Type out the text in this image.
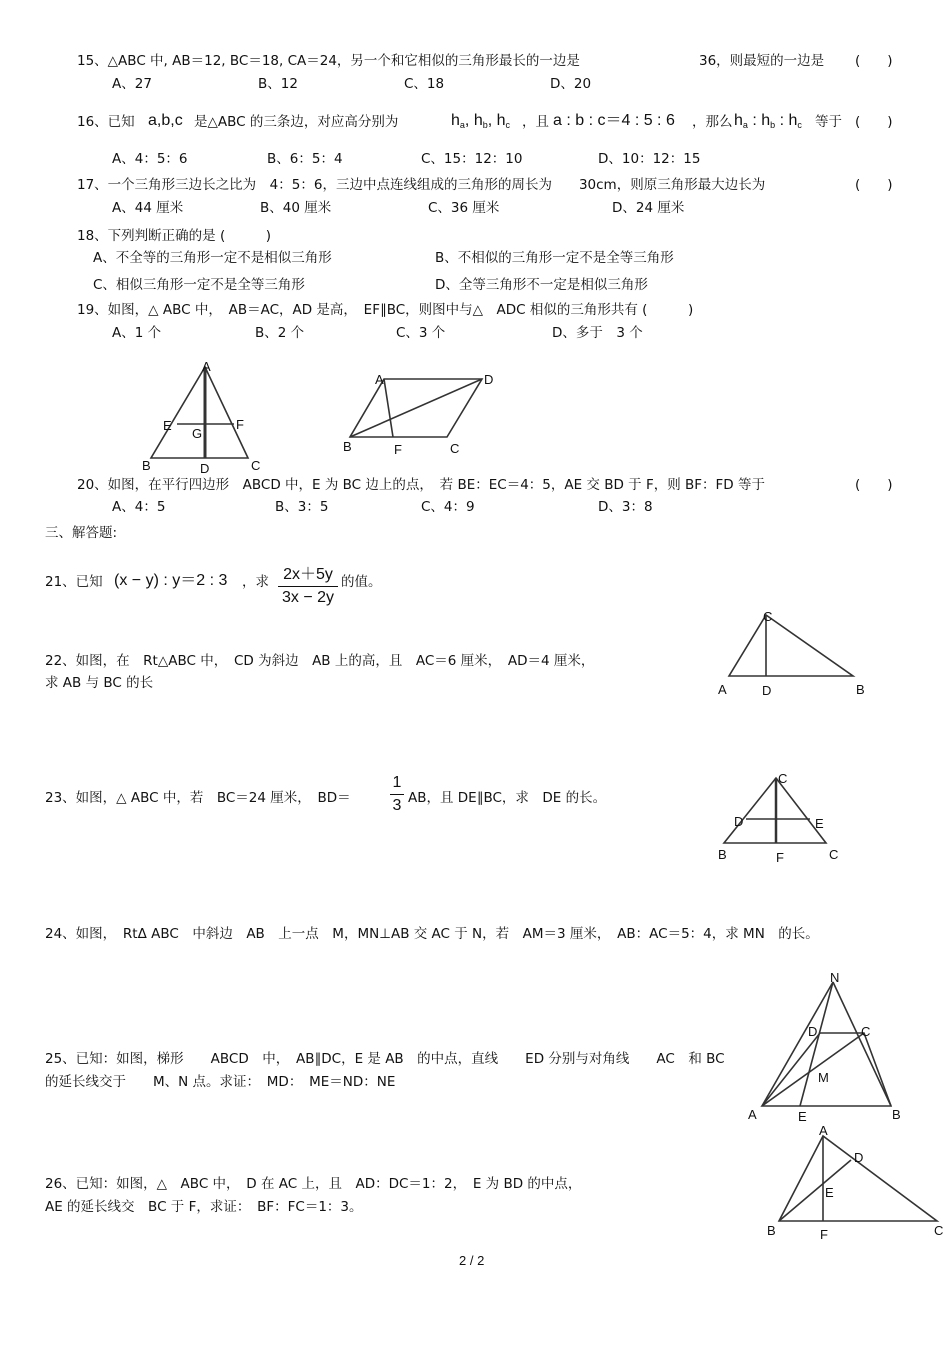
15、△ABC 中, AB＝12, BC＝18, CA＝24，另一个和它相似的三角形最长的一边是	36，则最短的一边是 (　　)
A、27	B、12	C、18	D、20
16、已知 a,b,c 是△ABC 的三条边，对应高分别为	$h_a$, $h_b$, $h_c$ ，且 a : b : c＝4 : 5 : 6 ，那么 $h_a$ : $h_b$ : $h_c$ 等于 (　　)
A、4：5：6	B、6：5：4	C、15：12：10	D、10：12：15
17、一个三角形三边长之比为　4：5：6，三边中点连线组成的三角形的周长为　　30cm，则原三角形最大边长为	(　　)
A、44 厘米	B、40 厘米	C、36 厘米	D、24 厘米
18、下列判断正确的是 (　　　)
A、不全等的三角形一定不是相似三角形	B、不相似的三角形一定不是全等三角形
C、相似三角形一定不是全等三角形	D、全等三角形不一定是相似三角形
19、如图，△ ABC 中，　AB＝AC，AD 是高，　EF∥BC，则图中与△　ADC 相似的三角形共有 (　　　)
A、1 个	B、2 个	C、3 个	D、多于　3 个
A
B	C
D
E	F
G
A	D
B	F	C
20、如图，在平行四边形　ABCD 中，E 为 BC 边上的点，　若 BE：EC＝4：5，AE 交 BD 于 F，则 BF：FD 等于	(　　)
A、4：5	B、3：5	C、4：9	D、3：8
三、解答题:
21、已知 (x − y) : y＝2 : 3 ，求 2x＋5y
3x − 2y
的值。
22、如图，在　Rt△ABC 中，　CD 为斜边　AB 上的高，且　AC＝6 厘米，　AD＝4 厘米，
求 AB 与 BC 的长
C
A	D	B
23、如图，△ ABC 中，若　BC＝24 厘米，　BD＝
1
3 AB，且 DE∥BC，求　DE 的长。
C
D	E
B	F	C
24、如图，　RtΔ ABC　中斜边　AB　上一点　M，MN⊥AB 交 AC 于 N，若　AM＝3 厘米，　AB：AC＝5：4，求 MN　的长。
N
D	C
M
A	E	B
25、已知：如图，梯形　　ABCD　中，　AB∥DC，E 是 AB　的中点，直线　　ED 分别与对角线　　AC　和 BC
的延长线交于　　M、N 点。求证：　MD：　ME＝ND：NE
A
D
E
B	F	C
26、已知：如图，△　ABC 中，　D 在 AC 上，且　AD：DC＝1：2，　E 为 BD 的中点，
AE 的延长线交　BC 于 F，求证：　BF：FC＝1：3。
2 / 2
